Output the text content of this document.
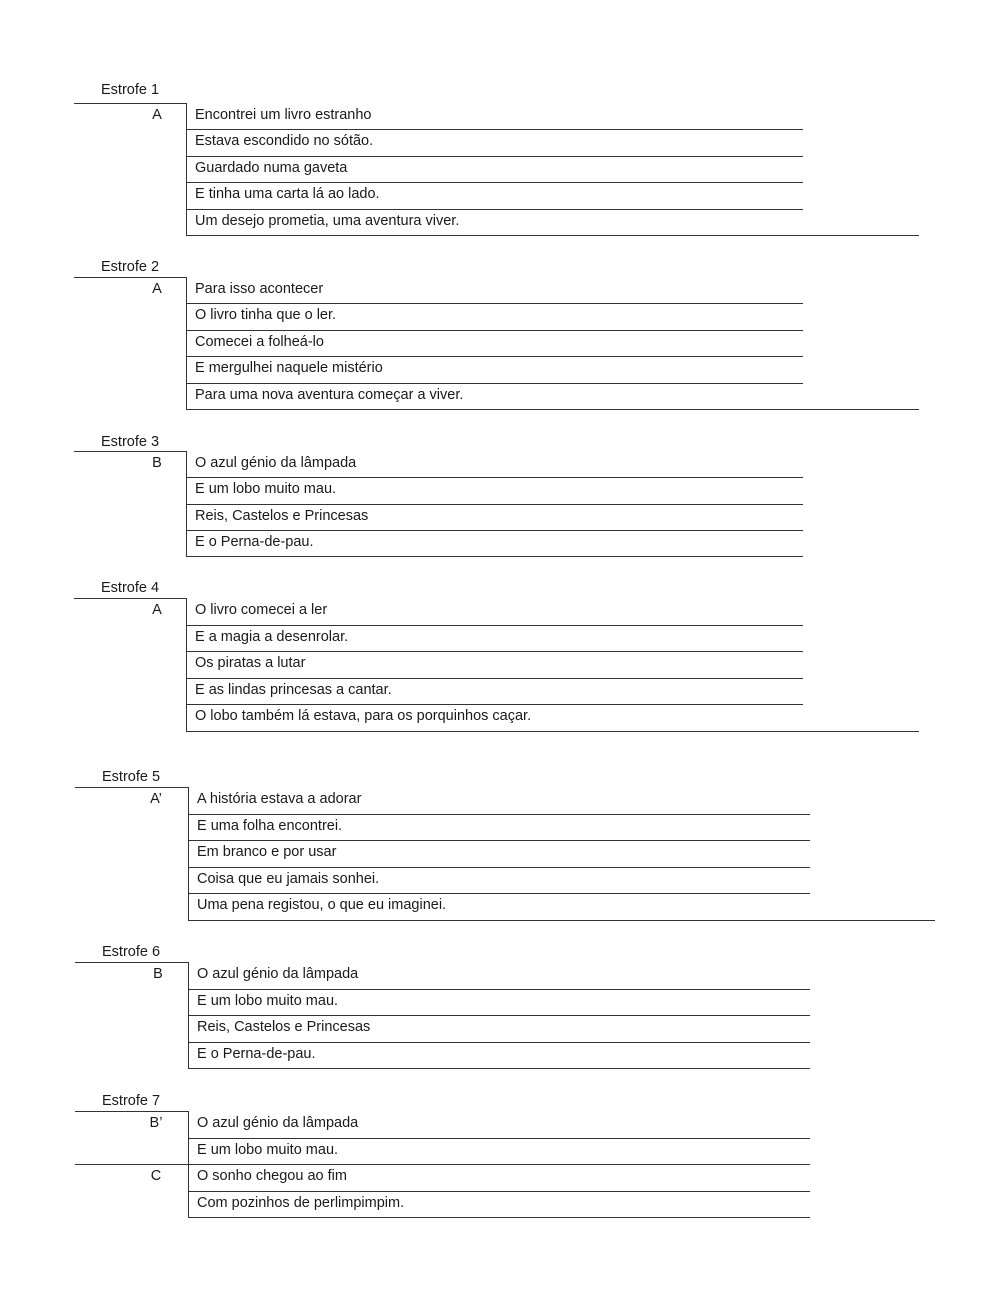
Estrofe 1
A	Encontrei um livro estranho
Estava escondido no sótão.
Guardado numa gaveta
E tinha uma carta lá ao lado.
Um desejo prometia, uma aventura viver.
Estrofe 2
A	Para isso acontecer
O livro tinha que o ler.
Comecei a folheá-lo
E mergulhei naquele mistério
Para uma nova aventura começar a viver.
Estrofe 3
B	O azul génio da lâmpada
E um lobo muito mau.
Reis, Castelos e Princesas
E o Perna-de-pau.
Estrofe 4
A	O livro comecei a ler
E a magia a desenrolar.
Os piratas a lutar
E as lindas princesas a cantar.
O lobo também lá estava, para os porquinhos caçar.
Estrofe 5
A’ A história estava a adorar
E uma folha encontrei.
Em branco e por usar
Coisa que eu jamais sonhei.
Uma pena registou, o que eu imaginei.
Estrofe 6
B	O azul génio da lâmpada
E um lobo muito mau.
Reis, Castelos e Princesas
E o Perna-de-pau.
Estrofe 7
B’ O azul génio da lâmpada
E um lobo muito mau.
C	O sonho chegou ao fim
Com pozinhos de perlimpimpim.
